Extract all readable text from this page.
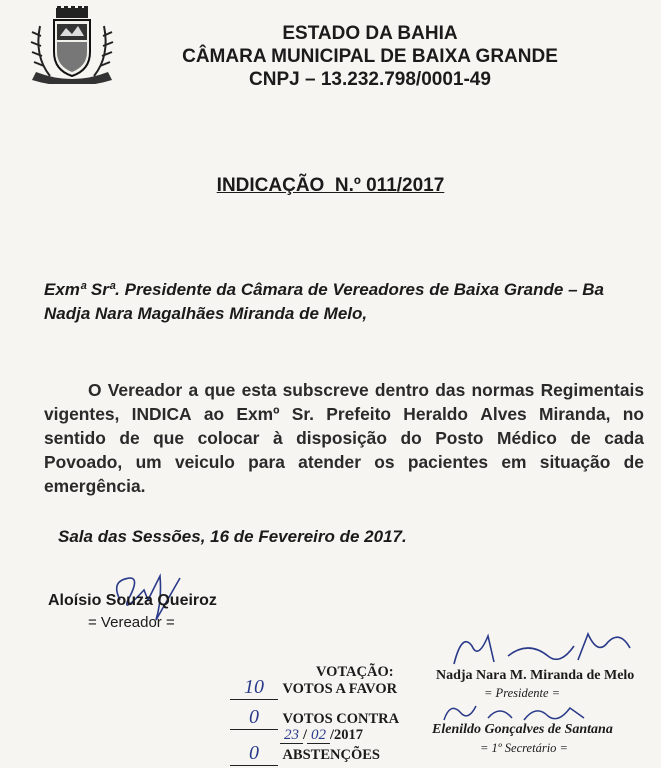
ESTADO DA BAHIA
CÂMARA MUNICIPAL DE BAIXA GRANDE
CNPJ – 13.232.798/0001-49
INDICAÇÃO  N.º 011/2017
Exmª Srª. Presidente da Câmara de Vereadores de Baixa Grande – Ba
Nadja Nara Magalhães Miranda de Melo,
O Vereador a que esta subscreve dentro das normas Regimentais
vigentes, INDICA ao Exmº Sr. Prefeito Heraldo Alves Miranda, no
sentido de que colocar à disposição do Posto Médico de cada
Povoado, um veiculo para atender os pacientes em situação de
emergência.
Sala das Sessões, 16 de Fevereiro de 2017.
Aloísio Souza Queiroz
= Vereador =
VOTAÇÃO:
10 VOTOS A FAVOR
0 VOTOS CONTRA
23 / 02 /2017
0 ABSTENÇÕES
Nadja Nara M. Miranda de Melo
= Presidente =
Elenildo Gonçalves de Santana
= 1º Secretário =
